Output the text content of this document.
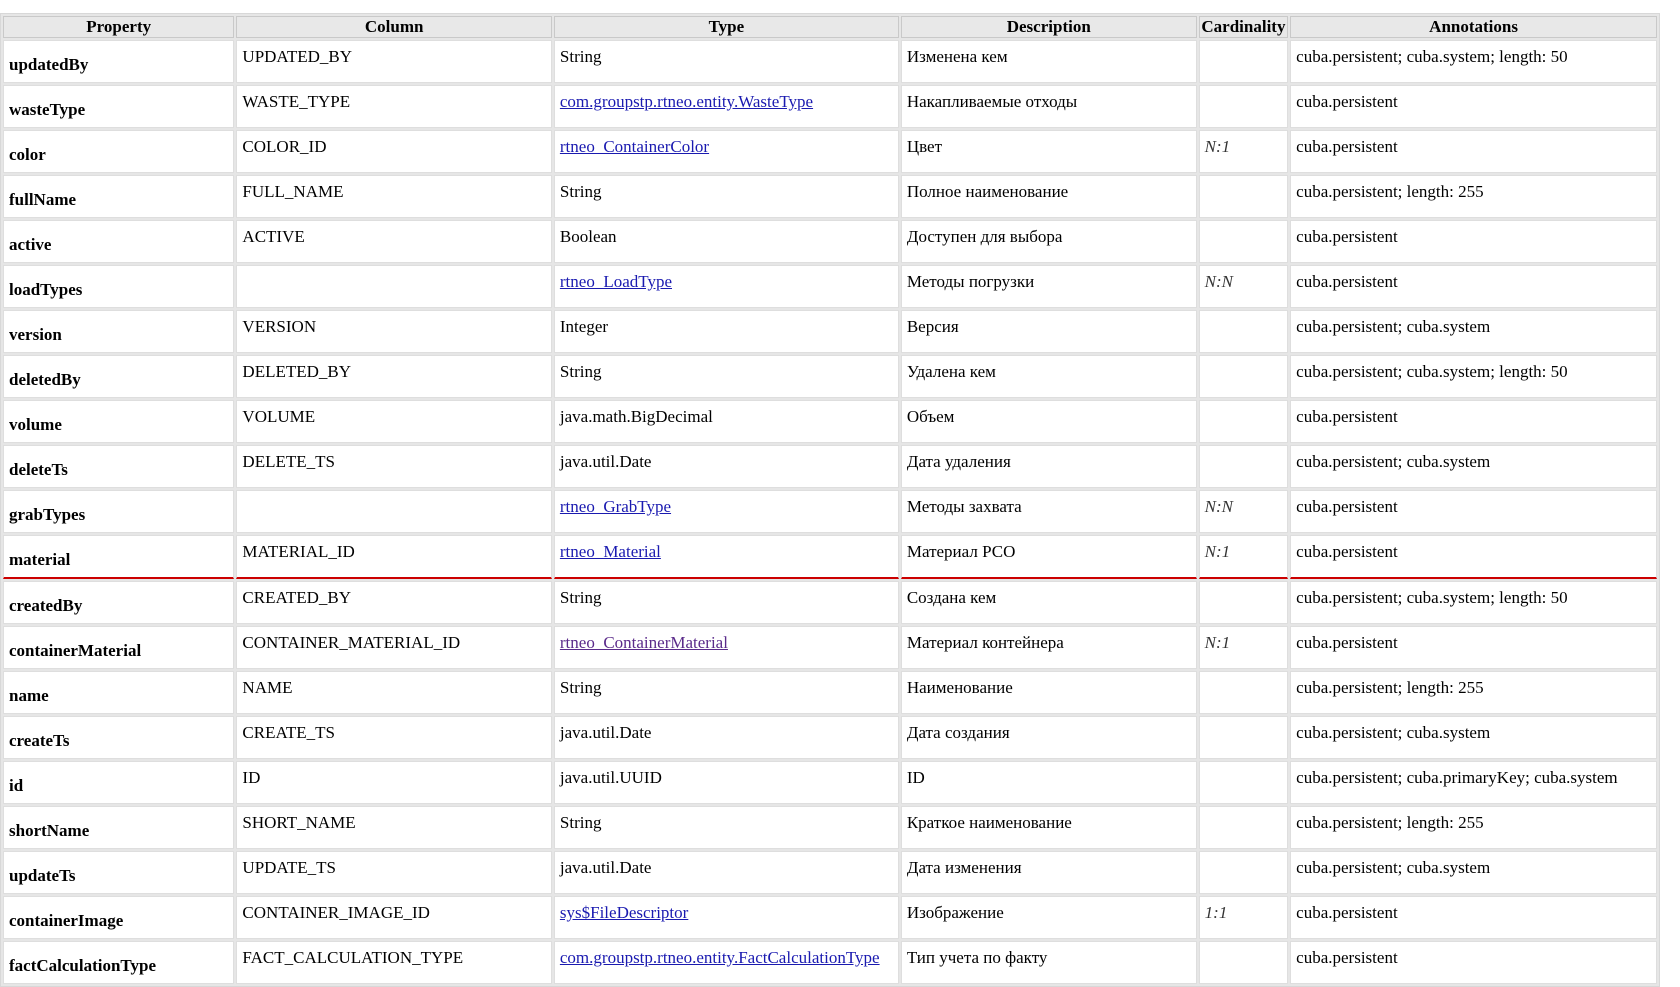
Property	Column	Type	Description	Cardinality	Annotations
updatedBy	UPDATED_BY	String	Изменена кем		cuba.persistent; cuba.system; length: 50
wasteType	WASTE_TYPE	com.groupstp.rtneo.entity.WasteType	Накапливаемые отходы		cuba.persistent
color	COLOR_ID	rtneo_ContainerColor	Цвет	N:1	cuba.persistent
fullName	FULL_NAME	String	Полное наименование		cuba.persistent; length: 255
active	ACTIVE	Boolean	Доступен для выбора		cuba.persistent
loadTypes		rtneo_LoadType	Методы погрузки	N:N	cuba.persistent
version	VERSION	Integer	Версия		cuba.persistent; cuba.system
deletedBy	DELETED_BY	String	Удалена кем		cuba.persistent; cuba.system; length: 50
volume	VOLUME	java.math.BigDecimal	Объем		cuba.persistent
deleteTs	DELETE_TS	java.util.Date	Дата удаления		cuba.persistent; cuba.system
grabTypes		rtneo_GrabType	Методы захвата	N:N	cuba.persistent
material	MATERIAL_ID	rtneo_Material	Материал РСО	N:1	cuba.persistent
createdBy	CREATED_BY	String	Создана кем		cuba.persistent; cuba.system; length: 50
containerMaterial	CONTAINER_MATERIAL_ID	rtneo_ContainerMaterial	Материал контейнера	N:1	cuba.persistent
name	NAME	String	Наименование		cuba.persistent; length: 255
createTs	CREATE_TS	java.util.Date	Дата создания		cuba.persistent; cuba.system
id	ID	java.util.UUID	ID		cuba.persistent; cuba.primaryKey; cuba.system
shortName	SHORT_NAME	String	Краткое наименование		cuba.persistent; length: 255
updateTs	UPDATE_TS	java.util.Date	Дата изменения		cuba.persistent; cuba.system
containerImage	CONTAINER_IMAGE_ID	sys$FileDescriptor	Изображение	1:1	cuba.persistent
factCalculationType	FACT_CALCULATION_TYPE	com.groupstp.rtneo.entity.FactCalculationType	Тип учета по факту		cuba.persistent
